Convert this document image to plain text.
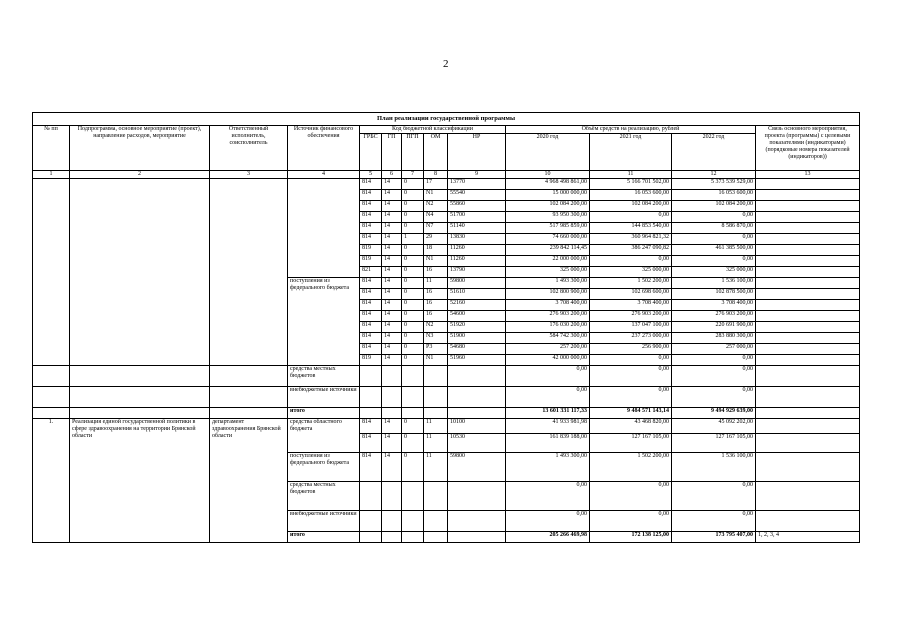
2
План реализации государственной программы												
№ пп	Подпрограмма, основное мероприятие (проект), направление расходов, мероприятие	Ответственный исполнитель, соисполнитель	Источник финансового обеспечения	Код бюджетной классификации					Объём средств на реализацию, рублей			Связь основного мероприятия, проекта (программы) с целевыми показателями (индикаторами) (порядковые номера показателей (индикаторов))
				ГРБС	ГП	ПГП	ОМ	НР	2020 год	2021 год	2022 год	
1	2	3	4	5	6	7	8	9	10	11	12	13
				814	14	0	17	13770	4 968 498 861,00	5 166 701 502,00	5 373 539 529,00	
				814	14	0	N1	55540	15 000 000,00	16 053 600,00	16 053 600,00	
				814	14	0	N2	55860	102 084 200,00	102 084 200,00	102 084 200,00	
				814	14	0	N4	51700	93 950 300,00	0,00	0,00	
				814	14	0	N7	51140	517 985 859,00	144 853 540,00	8 586 870,00	
				814	14	1	29	13830	74 660 000,00	360 964 821,32	0,00	
				819	14	0	18	11260	239 842 114,45	386 247 090,82	461 385 500,00	
				819	14	0	N1	11260	22 000 000,00	0,00	0,00	
				821	14	0	16	13790	325 000,00	325 000,00	325 000,00	
			поступления из федерального бюджета	814	14	0	11	59800	1 493 300,00	1 502 200,00	1 536 100,00	
				814	14	0	16	51610	102 800 900,00	102 698 600,00	102 878 500,00	
				814	14	0	16	52160	3 708 400,00	3 708 400,00	3 708 400,00	
				814	14	0	16	54600	276 903 200,00	276 903 200,00	276 903 200,00	
				814	14	0	N2	51920	176 030 200,00	137 047 100,00	220 691 900,00	
				814	14	0	N3	51900	584 742 300,00	237 273 000,00	283 880 300,00	
				814	14	0	P3	54680	257 200,00	256 900,00	257 000,00	
				819	14	0	N1	51960	42 000 000,00	0,00	0,00	
			средства местных бюджетов						0,00	0,00	0,00	
			внебюджетные источники						0,00	0,00	0,00	
			итого						13 601 331 117,33	9 484 571 143,14	9 494 929 639,00	
1.	Реализация единой государственной политики в сфере здравоохранения на территории Брянской области	департамент здравоохранения Брянской области	средства областного бюджета	814	14	0	11	10100	41 933 981,98	43 468 820,00	45 092 202,00	
				814	14	0	11	10530	161 839 188,00	127 167 105,00	127 167 105,00	
			поступления из федерального бюджета	814	14	0	11	59800	1 493 300,00	1 502 200,00	1 536 100,00	
			средства местных бюджетов						0,00	0,00	0,00	
			внебюджетные источники						0,00	0,00	0,00	
			итого						205 266 469,98	172 138 125,00	173 795 407,00	1, 2, 3, 4
